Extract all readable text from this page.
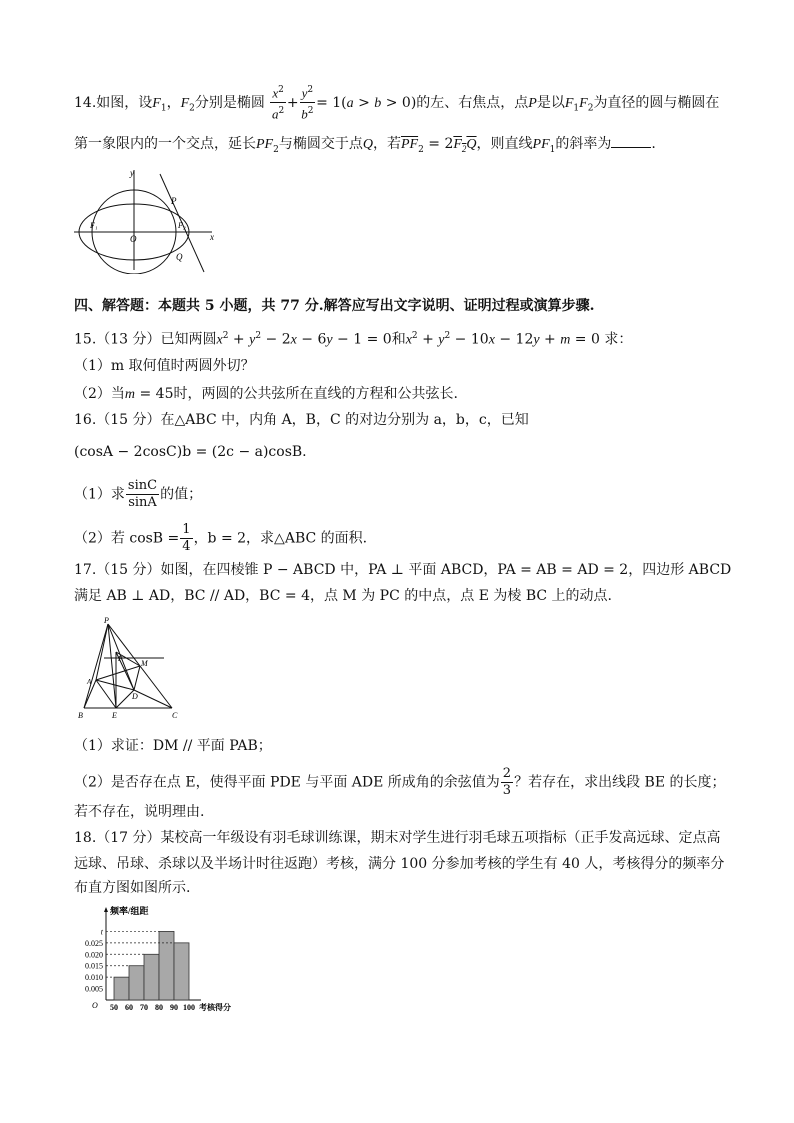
14.如图，设$F_1$，$F_2$分别是椭圆 $\frac{x^2}{a^2} + \frac{y^2}{b^2} = 1(a > b > 0)$的左、右焦点，点P是以$F_1F_2$为直径的圆与椭圆在
第一象限内的一个交点，延长$PF_2$与椭圆交于点Q，若$\overline{PF}_2 = 2F_2Q$，则直线$PF_1$的斜率为	.
y
P
F₁
O
F₂
x
Q
四、解答题：本题共 5 小题，共 77 分.解答应写出文字说明、证明过程或演算步骤.
15.（13 分）已知两圆$x^2 + y^2 - 2x - 6y - 1 = 0$和$x^2 + y^2 - 10x - 12y + m = 0$ 求：
（1）m 取何值时两圆外切？
（2）当m = 45时，两圆的公共弦所在直线的方程和公共弦长.
16.（15 分）在△ABC 中，内角 A，B，C 的对边分别为 a，b，c，已知
(cosA − 2cosC)b = (2c − a)cosB.
（1）求 $\frac{\sin C}{\sin A}$ 的值；
（2）若 $\cos B = \frac{1}{4}$ ，b = 2，求△ABC 的面积.
17.（15 分）如图，在四棱锥 P − ABCD 中，PA ⊥ 平面 ABCD，PA = AB = AD = 2，四边形 ABCD
满足 AB ⊥ AD，BC // AD，BC = 4，点 M 为 PC 的中点，点 E 为棱 BC 上的动点.
P
F M
A
D
B	E	C
（1）求证：DM // 平面 PAB；
（2）是否存在点 E，使得平面 PDE 与平面 ADE 所成角的余弦值为 $\frac{2}{3}$ ？若存在，求出线段 BE 的长度；
若不存在，说明理由.
18.（17 分）某校高一年级设有羽毛球训练课，期末对学生进行羽毛球五项指标（正手发高远球、定点高
远球、吊球、杀球以及半场计时往返跑）考核，满分 100 分参加考核的学生有 40 人，考核得分的频率分
布直方图如图所示.
频率/组距
考核得分
O
0.005
0.010
0.015
0.020
0.025
t
50 60 70 80 90 100
